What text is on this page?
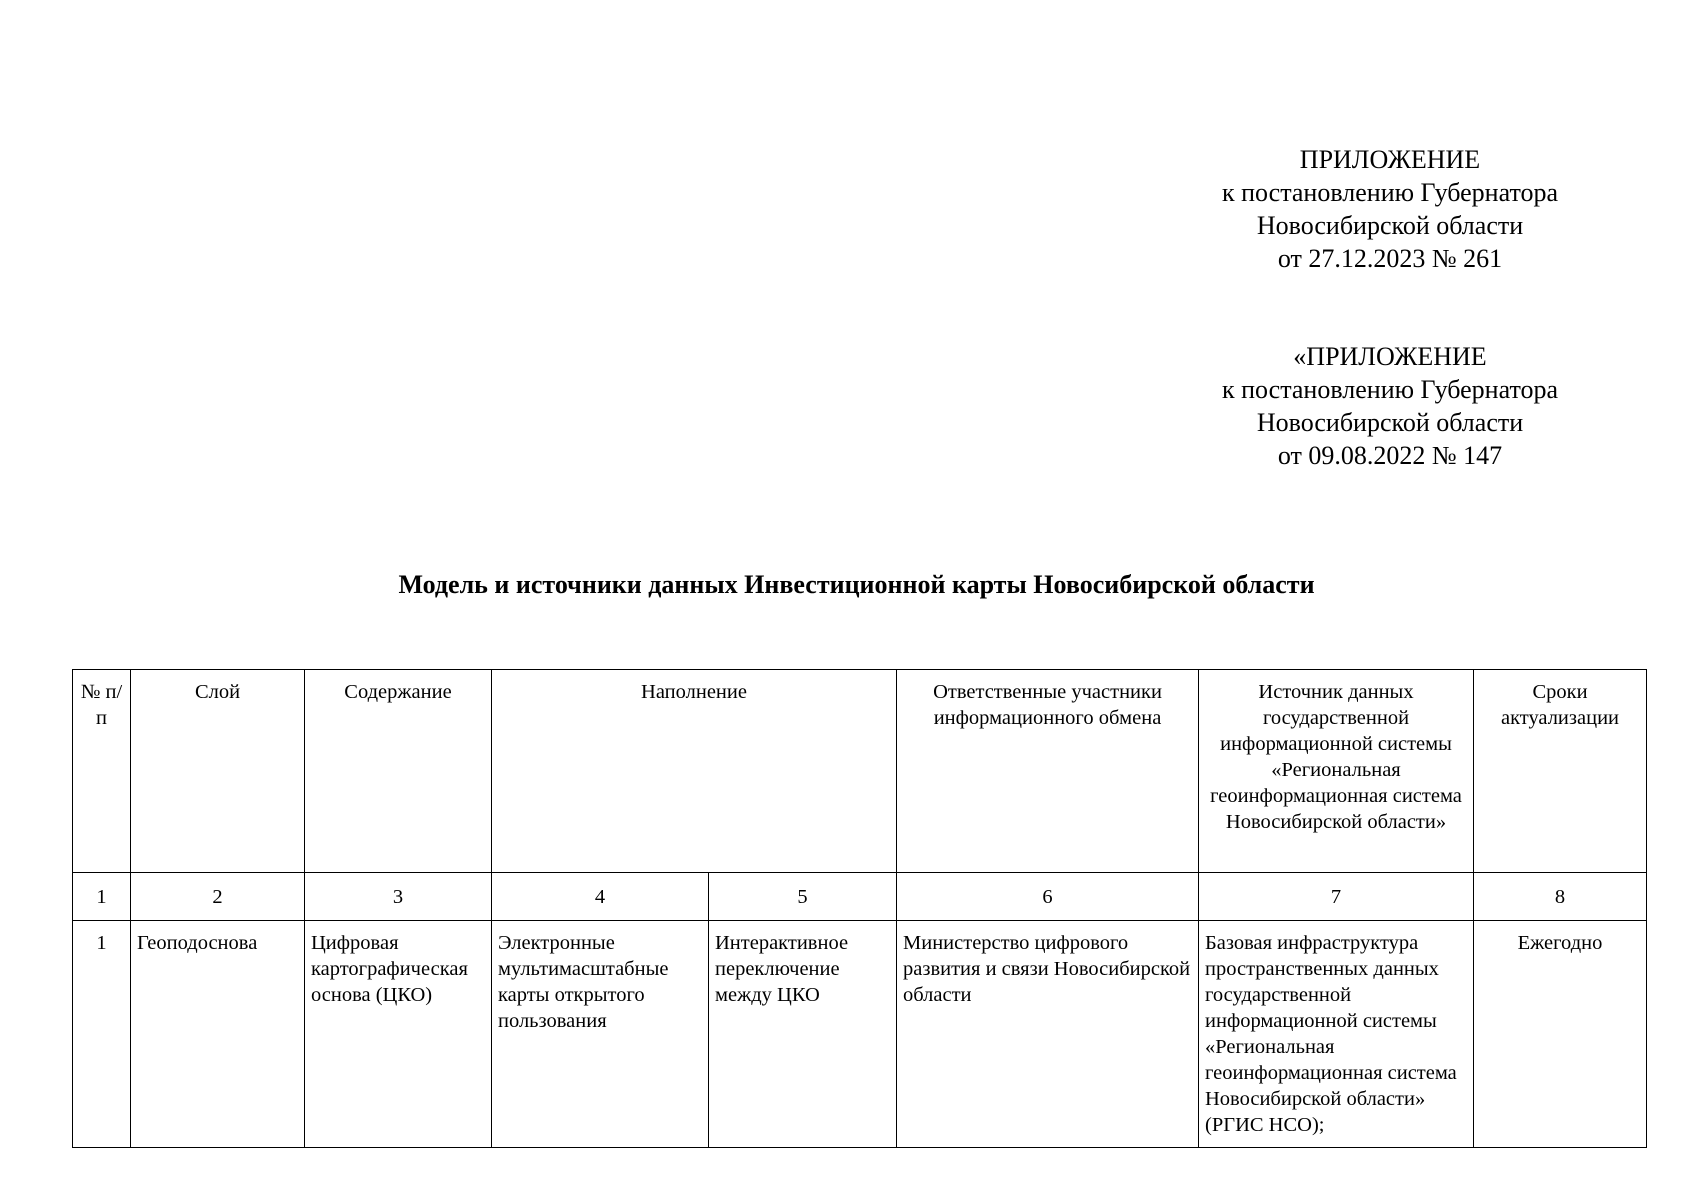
ПРИЛОЖЕНИЕ
к постановлению Губернатора
Новосибирской области
от 27.12.2023 № 261
«ПРИЛОЖЕНИЕ
к постановлению Губернатора
Новосибирской области
от 09.08.2022 № 147
Модель и источники данных Инвестиционной карты Новосибирской области
№ п/п	Слой	Содержание	Наполнение		Ответственные участники информационного обмена	Источник данных государственной информационной системы «Региональная геоинформационная система Новосибирской области»	Сроки актуализации
1	2	3	4	5	6	7	8
1	Геоподоснова	Цифровая картографическая основа (ЦКО)	Электронные мультимасштабные карты открытого пользования	Интерактивное переключение между ЦКО	Министерство цифрового развития и связи Новосибирской области	Базовая инфраструктура пространственных данных государственной информационной системы «Региональная геоинформационная система Новосибирской области» (РГИС НСО);	Ежегодно
